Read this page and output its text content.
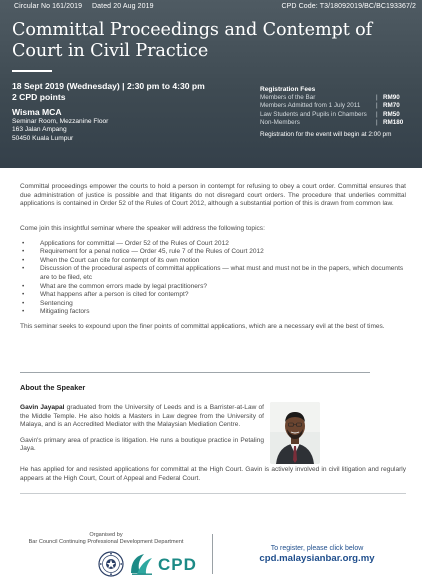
Circular No 161/2019 Dated 20 Aug 2019	CPD Code: T3/18092019/BC/BC193367/2
Committal Proceedings and Contempt of Court in Civil Practice
18 Sept 2019 (Wednesday) | 2:30 pm to 4:30 pm
2 CPD points
Wisma MCA
Seminar Room, Mezzanine Floor
163 Jalan Ampang
50450 Kuala Lumpur
Registration Fees
Members of the Bar	| RM90
Members Admitted from 1 July 2011 | RM70
Law Students and Pupils in Chambers | RM50
Non-Members	| RM180
Registration for the event will begin at 2:00 pm

Committal proceedings empower the courts to hold a person in contempt for refusing to obey a court order. Committal ensures that due administration of justice is possible and that litigants do not disregard court orders. The procedure that underlies committal applications is contained in Order 52 of the Rules of Court 2012, although a substantial portion of this is drawn from common law.

Come join this insightful seminar where the speaker will address the following topics:

• Applications for committal — Order 52 of the Rules of Court 2012
• Requirement for a penal notice — Order 45, rule 7 of the Rules of Court 2012
• When the Court can cite for contempt of its own motion
• Discussion of the procedural aspects of committal applications — what must and must not be in the papers, which documents are to be filed, etc
• What are the common errors made by legal practitioners?
• What happens after a person is cited for contempt?
• Sentencing
• Mitigating factors

This seminar seeks to expound upon the finer points of committal applications, which are a necessary evil at the best of times.

About the Speaker

Gavin Jayapal graduated from the University of Leeds and is a Barrister-at-Law of the Middle Temple. He also holds a Masters in Law degree from the University of Malaya, and is an Accredited Mediator with the Malaysian Mediation Centre.

Gavin's primary area of practice is litigation. He runs a boutique practice in Petaling Jaya.

He has applied for and resisted applications for committal at the High Court. Gavin is actively involved in civil litigation and regularly appears at the High Court, Court of Appeal and Federal Court.
Organised by
Bar Council Continuing Professional Development Department
CPD
To register, please click below
cpd.malaysianbar.org.my
